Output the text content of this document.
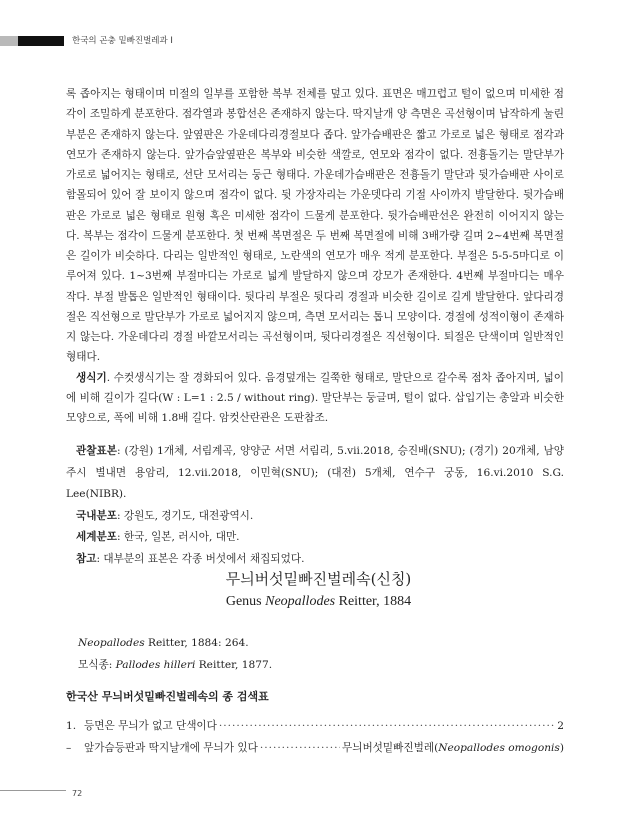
한국의 곤충 밑빠진벌레과 I

록 좁아지는 형태이며 미절의 일부를 포함한 복부 전체를 덮고 있다. 표면은 매끄럽고 털이 없으며 미세한 점각이 조밀하게 분포한다. 점각열과 봉합선은 존재하지 않는다. 딱지날개 양 측면은 곡선형이며 납작하게 눌린 부분은 존재하지 않는다. 앞옆판은 가운데다리경절보다 좁다. 앞가슴배판은 짧고 가로로 넓은 형태로 점각과 연모가 존재하지 않는다. 앞가슴앞옆판은 복부와 비슷한 색깔로, 연모와 점각이 없다. 전흉돌기는 말단부가 가로로 넓어지는 형태로, 선단 모서리는 둥근 형태다. 가운데가슴배판은 전흉돌기 말단과 뒷가슴배판 사이로 함몰되어 있어 잘 보이지 않으며 점각이 없다. 뒷 가장자리는 가운뎃다리 기절 사이까지 발달한다. 뒷가슴배판은 가로로 넓은 형태로 원형 혹은 미세한 점각이 드물게 분포한다. 뒷가슴배판선은 완전히 이어지지 않는다. 복부는 점각이 드물게 분포한다. 첫 번째 복면절은 두 번째 복면절에 비해 3배가량 길며 2~4번째 복면절은 길이가 비슷하다. 다리는 일반적인 형태로, 노란색의 연모가 매우 적게 분포한다. 부절은 5-5-5마디로 이루어져 있다. 1~3번째 부절마디는 가로로 넓게 발달하지 않으며 강모가 존재한다. 4번째 부절마디는 매우 작다. 부절 발톱은 일반적인 형태이다. 뒷다리 부절은 뒷다리 경절과 비슷한 길이로 길게 발달한다. 앞다리경절은 직선형으로 말단부가 가로로 넓어지지 않으며, 측면 모서리는 톱니 모양이다. 경절에 성적이형이 존재하지 않는다. 가운데다리 경절 바깥모서리는 곡선형이며, 뒷다리경절은 직선형이다. 퇴절은 단색이며 일반적인 형태다.

생식기. 수컷생식기는 잘 경화되어 있다. 음경덮개는 길쭉한 형태로, 말단으로 갈수록 점차 좁아지며, 넓이에 비해 길이가 길다(W : L=1 : 2.5 / without ring). 말단부는 둥글며, 털이 없다. 삽입기는 총알과 비슷한 모양으로, 폭에 비해 1.8배 길다. 암컷산란관은 도판참조.

관찰표본: (강원) 1개체, 서림계곡, 양양군 서면 서림리, 5.vii.2018, 승진배(SNU); (경기) 20개체, 남양주시 별내면 용암리, 12.vii.2018, 이민혁(SNU); (대전) 5개체, 연수구 궁동, 16.vi.2010 S.G. Lee(NIBR).

국내분포: 강원도, 경기도, 대전광역시.

세계분포: 한국, 일본, 러시아, 대만.

참고: 대부분의 표본은 각종 버섯에서 채집되었다.

무늬버섯밑빠진벌레속(신칭)
Genus Neopallodes Reitter, 1884

Neopallodes Reitter, 1884: 264.

모식종: Pallodes hilleri Reitter, 1877.

한국산 무늬버섯밑빠진벌레속의 종 검색표
1. 등면은 무늬가 없고 단색이다 ·····	2
–	앞가슴등판과 딱지날개에 무늬가 있다 ·····	무늬버섯밑빠진벌레(Neopallodes omogonis)
72
